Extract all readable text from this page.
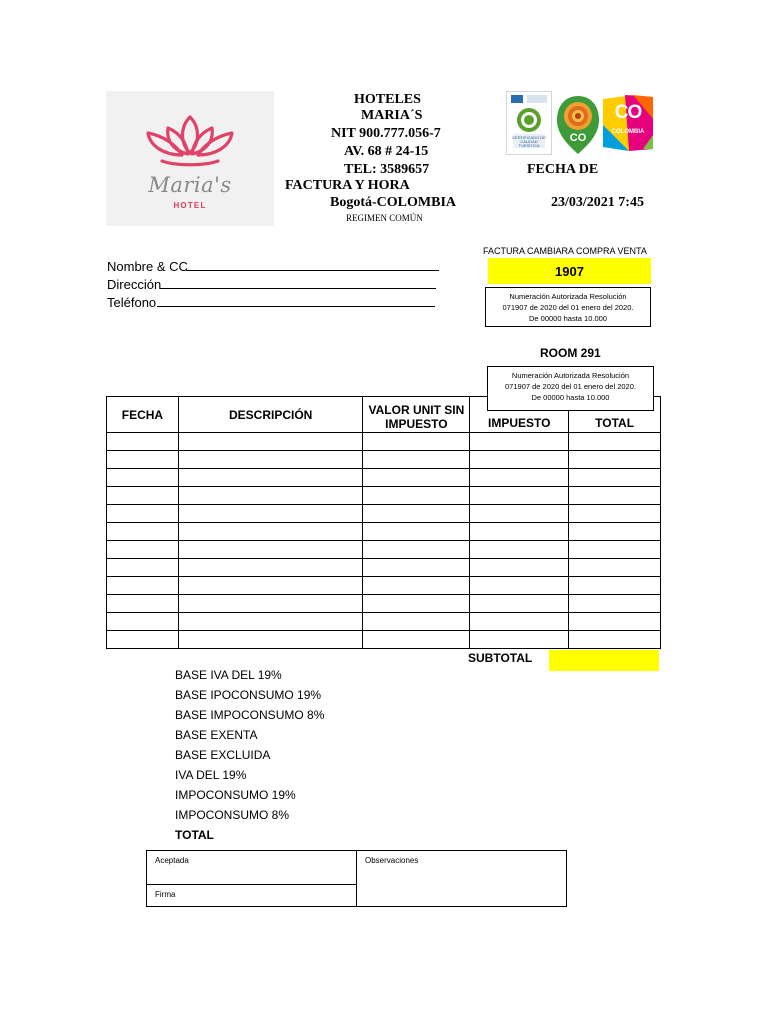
Maria's
HOTEL
HOTELES
MARIA´S
NIT 900.777.056-7
AV. 68 # 24-15
TEL: 3589657
FACTURA Y HORA
Bogotá-COLOMBIA
REGIMEN COMÚN
FECHA DE
23/03/2021 7:45
CERTIFICADO DE CALIDAD TURÍSTICA
CO
CO
COLOMBIA
Nombre & CC
Dirección
Teléfono
FACTURA CAMBIARA COMPRA VENTA
1907
Numeración Autorizada Resolución
071907 de 2020 del 01 enero del 2020.
De 00000 hasta 10.000
ROOM 291
FECHA	DESCRIPCIÓN	VALOR UNIT SIN IMPUESTO	IMPUESTO	TOTAL

Numeración Autorizada Resolución
071907 de 2020 del 01 enero del 2020.
De 00000 hasta 10.000
SUBTOTAL
BASE IVA DEL 19%
BASE IPOCONSUMO 19%
BASE IMPOCONSUMO 8%
BASE EXENTA
BASE EXCLUIDA
IVA DEL 19%
IMPOCONSUMO 19%
IMPOCONSUMO 8%
TOTAL
Aceptada
Firma
Observaciones
